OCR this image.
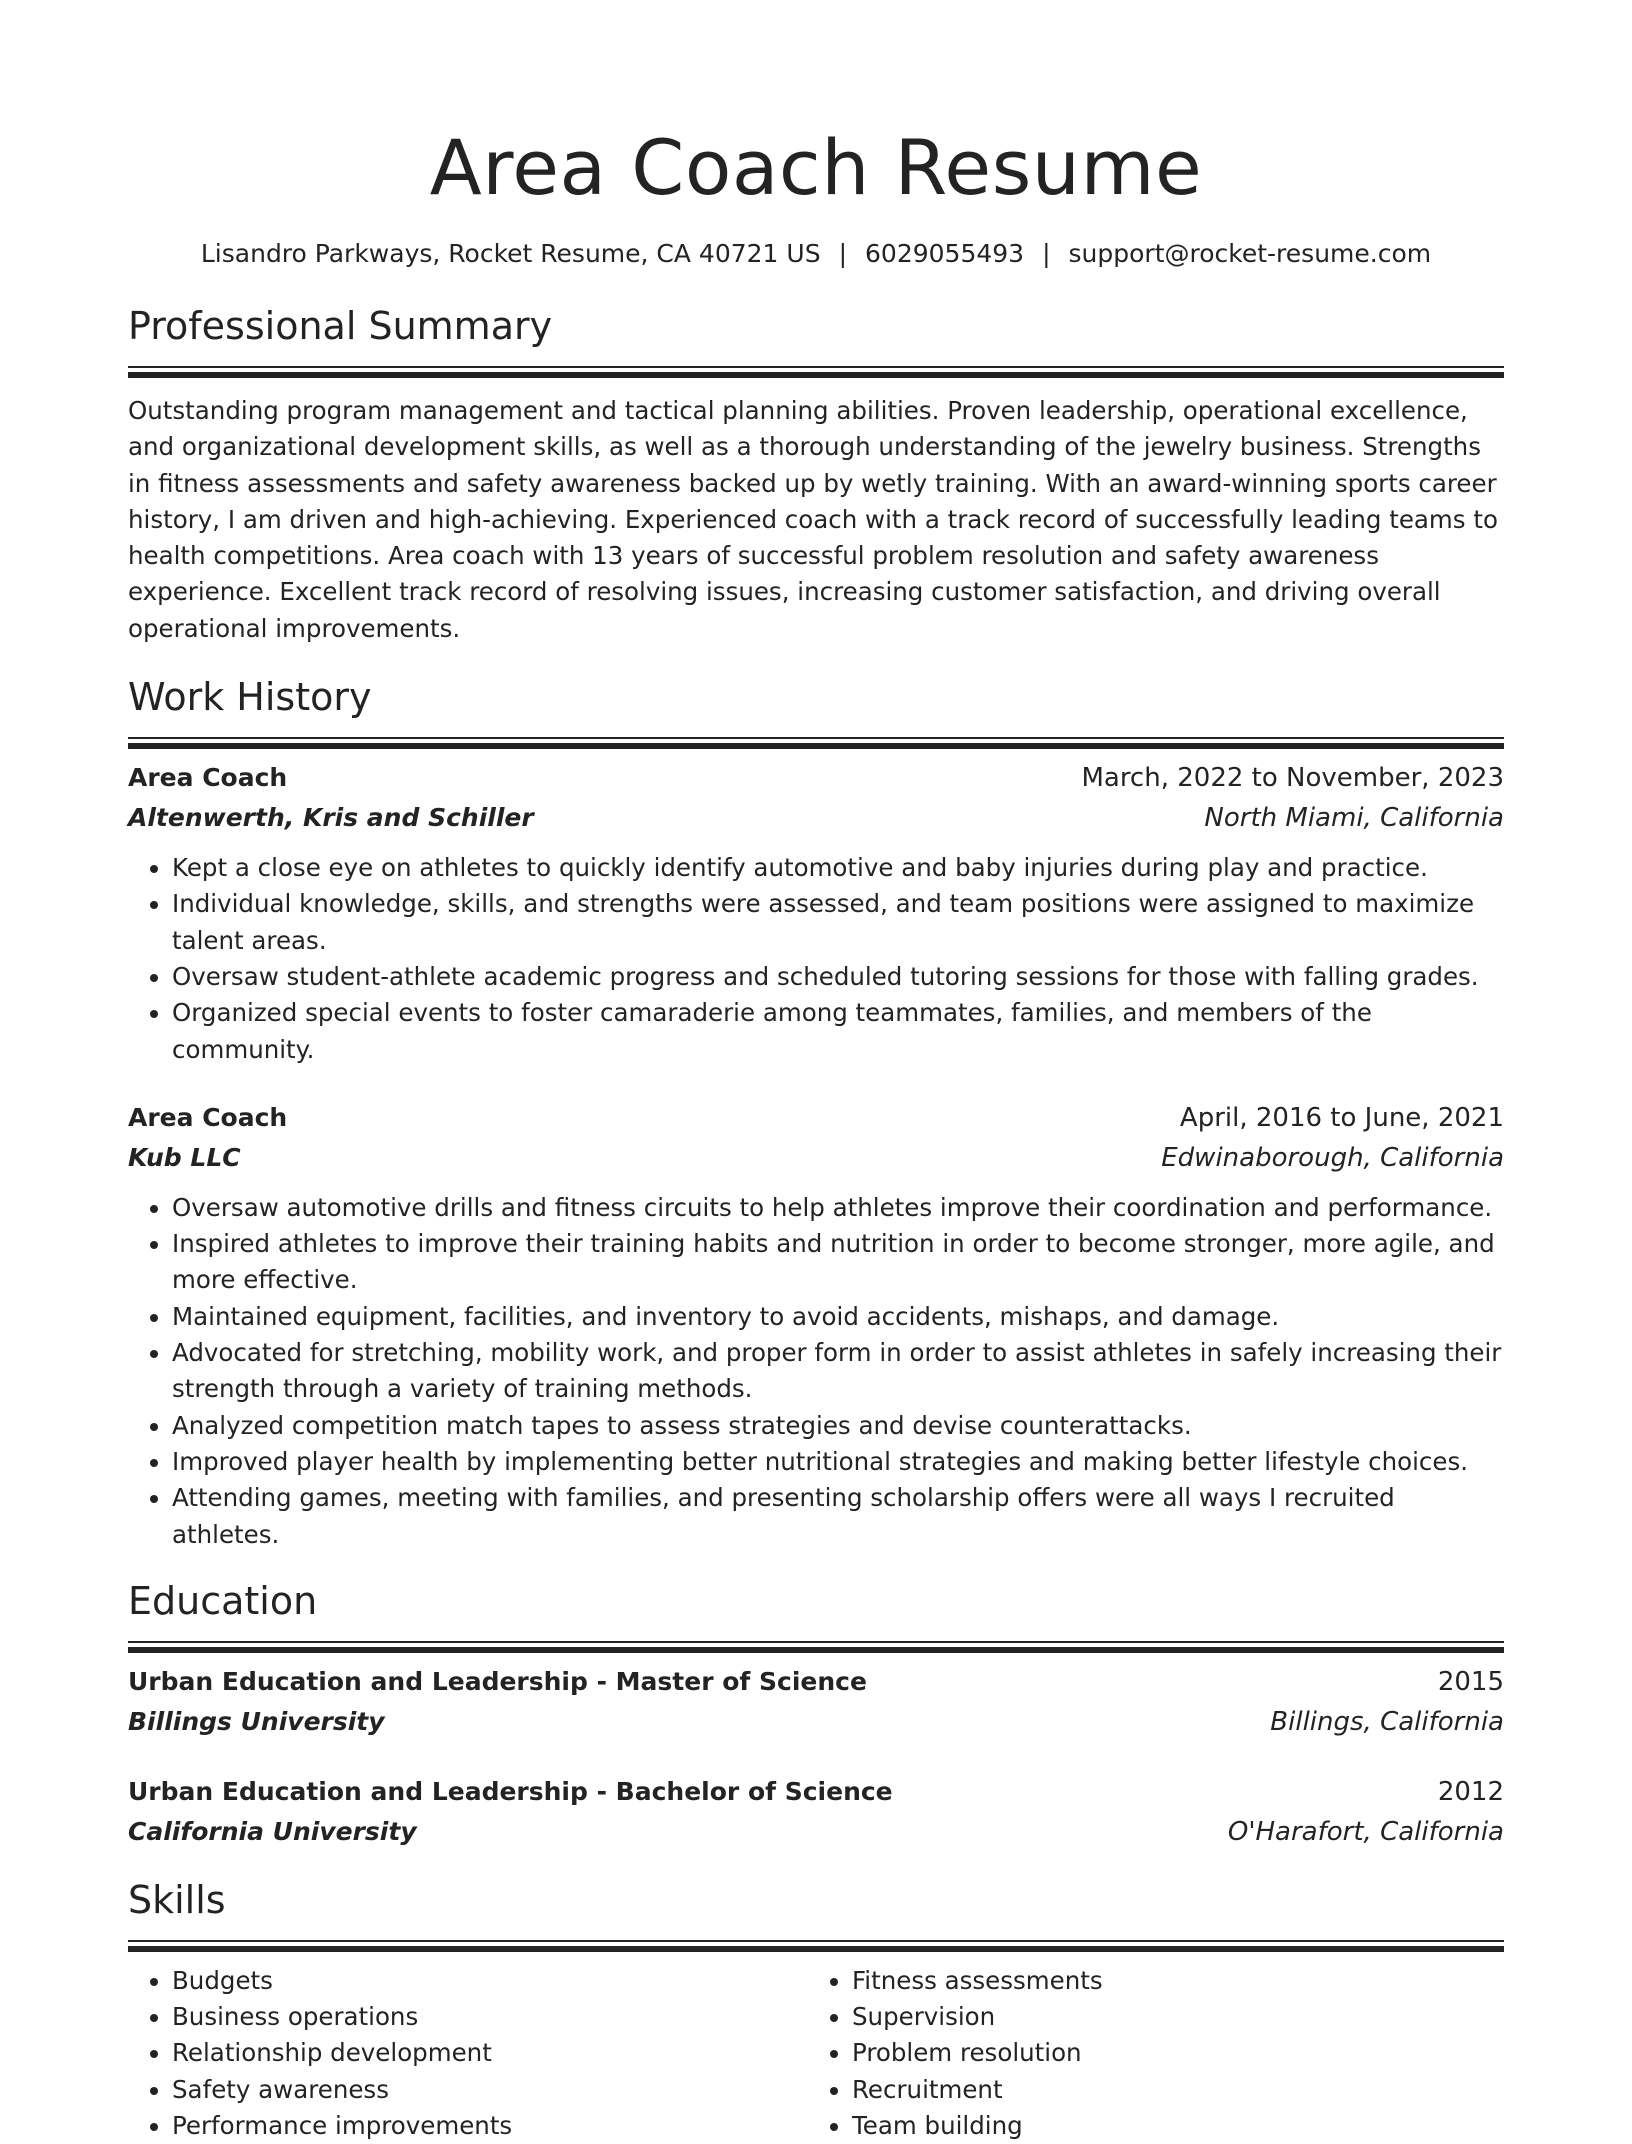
Area Coach Resume
Lisandro Parkways, Rocket Resume, CA 40721 US | 6029055493 | support@rocket-resume.com
Professional Summary
Outstanding program management and tactical planning abilities. Proven leadership, operational excellence, and organizational development skills, as well as a thorough understanding of the jewelry business. Strengths in fitness assessments and safety awareness backed up by wetly training. With an award-winning sports career history, I am driven and high-achieving. Experienced coach with a track record of successfully leading teams to health competitions. Area coach with 13 years of successful problem resolution and safety awareness experience. Excellent track record of resolving issues, increasing customer satisfaction, and driving overall operational improvements.
Work History
Area Coach	March, 2022 to November, 2023
Altenwerth, Kris and Schiller	North Miami, California
• Kept a close eye on athletes to quickly identify automotive and baby injuries during play and practice.
• Individual knowledge, skills, and strengths were assessed, and team positions were assigned to maximize talent areas.
• Oversaw student-athlete academic progress and scheduled tutoring sessions for those with falling grades.
• Organized special events to foster camaraderie among teammates, families, and members of the community.
Area Coach	April, 2016 to June, 2021
Kub LLC	Edwinaborough, California
• Oversaw automotive drills and fitness circuits to help athletes improve their coordination and performance.
• Inspired athletes to improve their training habits and nutrition in order to become stronger, more agile, and more effective.
• Maintained equipment, facilities, and inventory to avoid accidents, mishaps, and damage.
• Advocated for stretching, mobility work, and proper form in order to assist athletes in safely increasing their strength through a variety of training methods.
• Analyzed competition match tapes to assess strategies and devise counterattacks.
• Improved player health by implementing better nutritional strategies and making better lifestyle choices.
• Attending games, meeting with families, and presenting scholarship offers were all ways I recruited athletes.
Education
Urban Education and Leadership - Master of Science	2015
Billings University	Billings, California
Urban Education and Leadership - Bachelor of Science	2012
California University	O'Harafort, California
Skills
• Budgets
• Business operations
• Relationship development
• Safety awareness
• Performance improvements
• Fitness assessments
• Supervision
• Problem resolution
• Recruitment
• Team building
